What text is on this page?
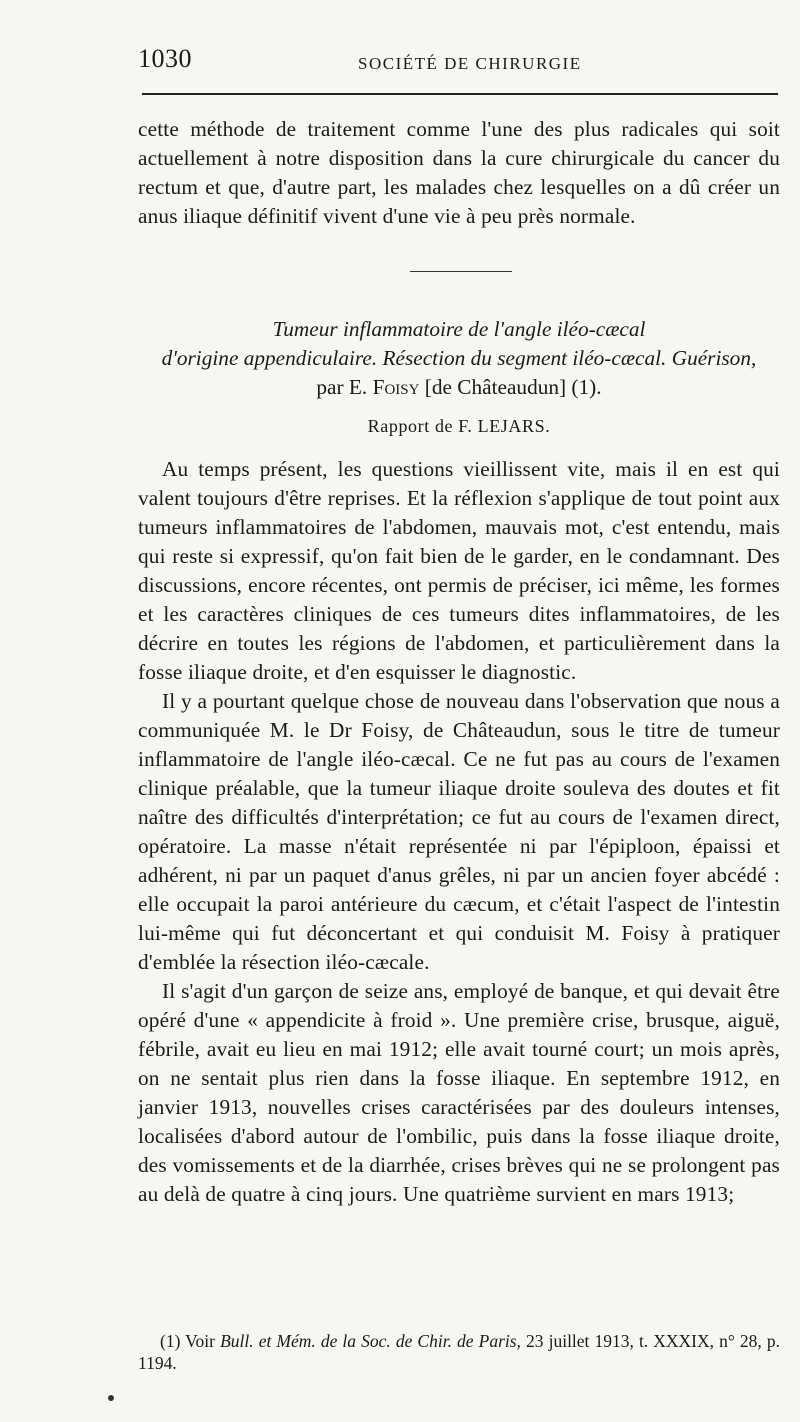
1030	SOCIÉTÉ DE CHIRURGIE

cette méthode de traitement comme l'une des plus radicales qui soit actuellement à notre disposition dans la cure chirurgicale du cancer du rectum et que, d'autre part, les malades chez lesquelles on a dû créer un anus iliaque définitif vivent d'une vie à peu près normale.

Tumeur inflammatoire de l'angle iléo-cæcal
d'origine appendiculaire. Résection du segment iléo-cæcal. Guérison,
par E. Foisy [de Châteaudun] (1).
Rapport de F. LEJARS.

Au temps présent, les questions vieillissent vite, mais il en est qui valent toujours d'être reprises. Et la réflexion s'applique de tout point aux tumeurs inflammatoires de l'abdomen, mauvais mot, c'est entendu, mais qui reste si expressif, qu'on fait bien de le garder, en le condamnant. Des discussions, encore récentes, ont permis de préciser, ici même, les formes et les caractères cliniques de ces tumeurs dites inflammatoires, de les décrire en toutes les régions de l'abdomen, et particulièrement dans la fosse iliaque droite, et d'en esquisser le diagnostic.

Il y a pourtant quelque chose de nouveau dans l'observation que nous a communiquée M. le Dr Foisy, de Châteaudun, sous le titre de tumeur inflammatoire de l'angle iléo-cæcal. Ce ne fut pas au cours de l'examen clinique préalable, que la tumeur iliaque droite souleva des doutes et fit naître des difficultés d'interprétation; ce fut au cours de l'examen direct, opératoire. La masse n'était représentée ni par l'épiploon, épaissi et adhérent, ni par un paquet d'anus grêles, ni par un ancien foyer abcédé : elle occupait la paroi antérieure du cæcum, et c'était l'aspect de l'intestin lui-même qui fut déconcertant et qui conduisit M. Foisy à pratiquer d'emblée la résection iléo-cæcale.

Il s'agit d'un garçon de seize ans, employé de banque, et qui devait être opéré d'une « appendicite à froid ». Une première crise, brusque, aiguë, fébrile, avait eu lieu en mai 1912; elle avait tourné court; un mois après, on ne sentait plus rien dans la fosse iliaque. En septembre 1912, en janvier 1913, nouvelles crises caractérisées par des douleurs intenses, localisées d'abord autour de l'ombilic, puis dans la fosse iliaque droite, des vomissements et de la diarrhée, crises brèves qui ne se prolongent pas au delà de quatre à cinq jours. Une quatrième survient en mars 1913;

(1) Voir Bull. et Mém. de la Soc. de Chir. de Paris, 23 juillet 1913, t. XXXIX, n° 28, p. 1194.
